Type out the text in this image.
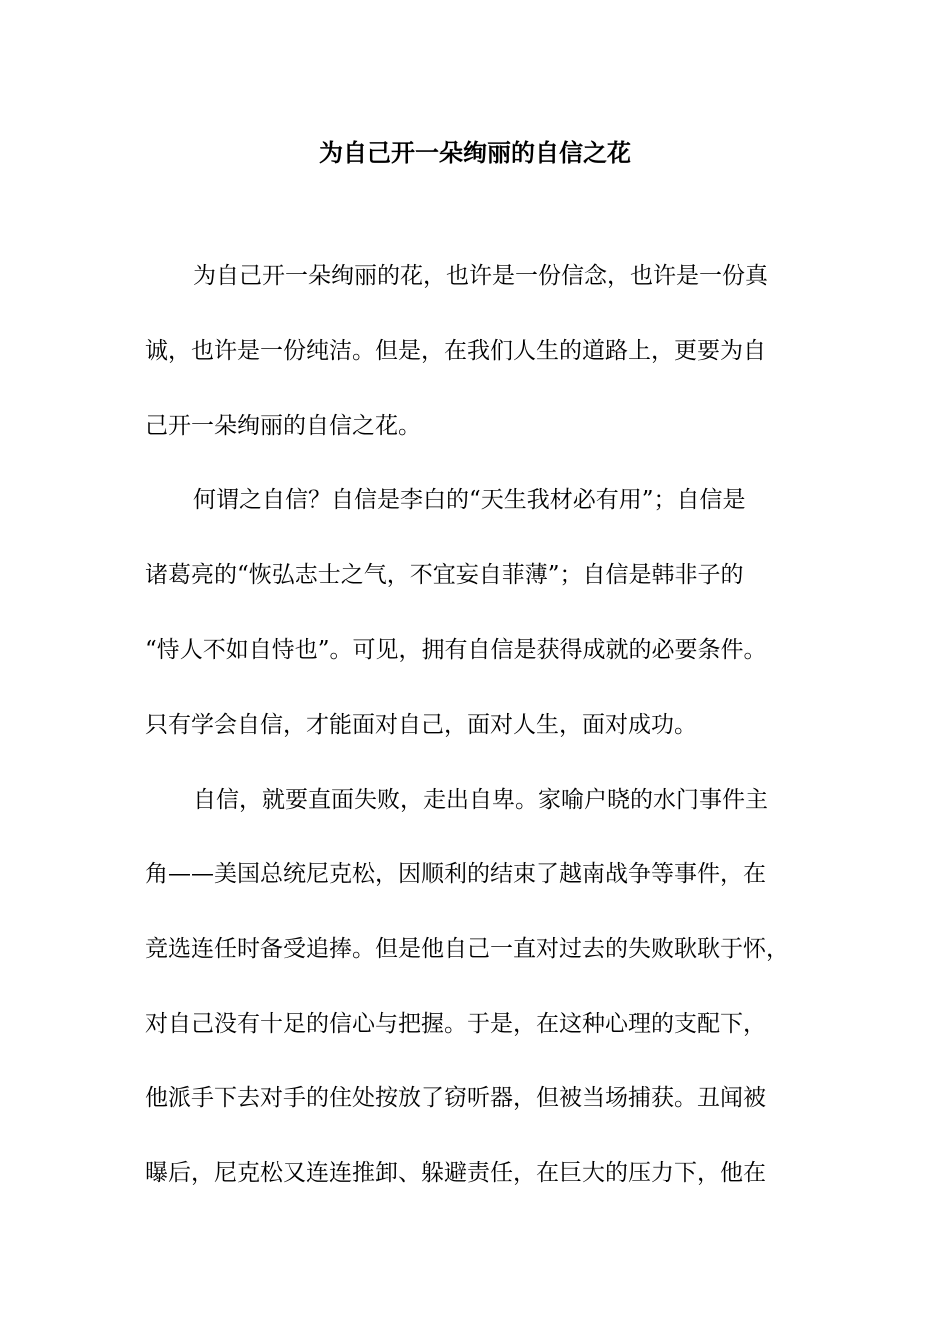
为自己开一朵绚丽的自信之花
为自己开一朵绚丽的花，也许是一份信念，也许是一份真
诚，也许是一份纯洁。但是，在我们人生的道路上，更要为自
己开一朵绚丽的自信之花。
何谓之自信？自信是李白的“天生我材必有用”；自信是
诸葛亮的“恢弘志士之气，不宜妄自菲薄”；自信是韩非子的
“恃人不如自恃也”。可见，拥有自信是获得成就的必要条件。
只有学会自信，才能面对自己，面对人生，面对成功。
自信，就要直面失败，走出自卑。家喻户晓的水门事件主
角——美国总统尼克松，因顺利的结束了越南战争等事件，在
竞选连任时备受追捧。但是他自己一直对过去的失败耿耿于怀，
对自己没有十足的信心与把握。于是，在这种心理的支配下，
他派手下去对手的住处按放了窃听器，但被当场捕获。丑闻被
曝后，尼克松又连连推卸、躲避责任，在巨大的压力下，他在
